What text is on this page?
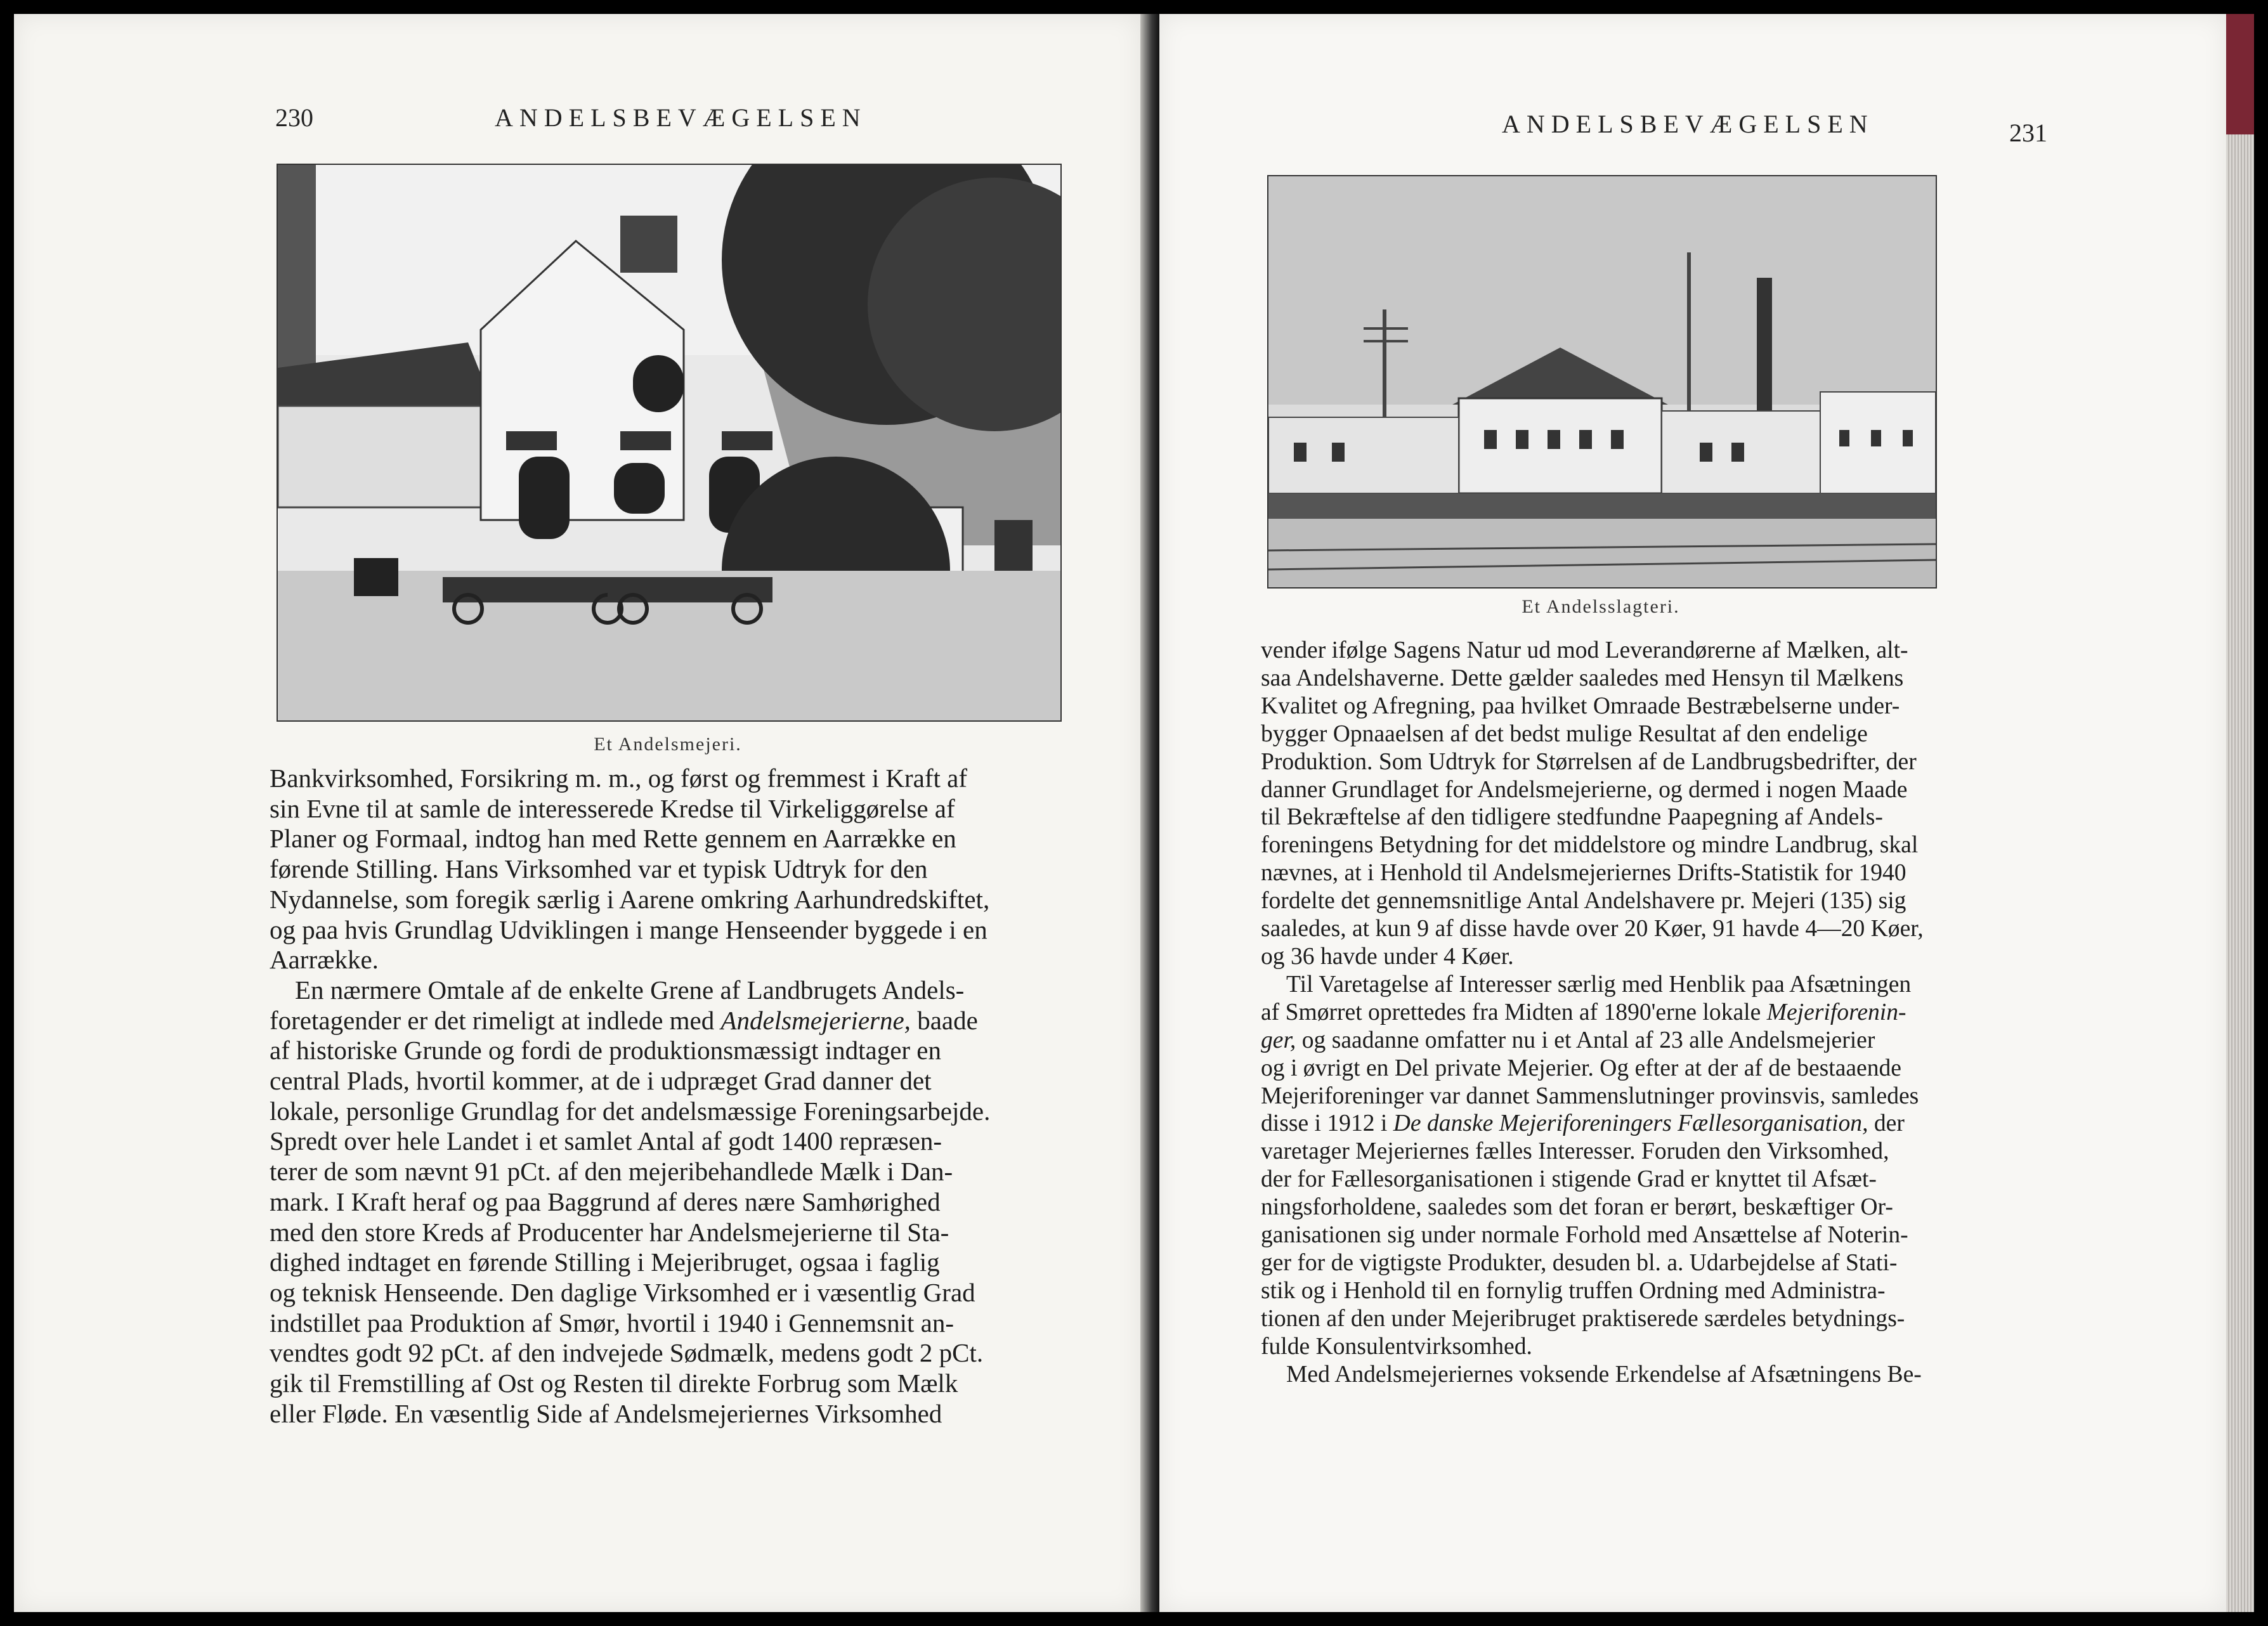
230	ANDELSBEVÆGELSEN
Et Andelsmejeri.

Bankvirksomhed, Forsikring m. m., og først og fremmest i Kraft af

sin Evne til at samle de interesserede Kredse til Virkeliggørelse af

Planer og Formaal, indtog han med Rette gennem en Aarrække en

førende Stilling. Hans Virksomhed var et typisk Udtryk for den

Nydannelse, som foregik særlig i Aarene omkring Aarhundredskiftet,

og paa hvis Grundlag Udviklingen i mange Henseender byggede i en

Aarrække.

En nærmere Omtale af de enkelte Grene af Landbrugets Andels-

foretagender er det rimeligt at indlede med Andelsmejerierne, baade

af historiske Grunde og fordi de produktionsmæssigt indtager en

central Plads, hvortil kommer, at de i udpræget Grad danner det

lokale, personlige Grundlag for det andelsmæssige Foreningsarbejde.

Spredt over hele Landet i et samlet Antal af godt 1400 repræsen-

terer de som nævnt 91 pCt. af den mejeribehandlede Mælk i Dan-

mark. I Kraft heraf og paa Baggrund af deres nære Samhørighed

med den store Kreds af Producenter har Andelsmejerierne til Sta-

dighed indtaget en førende Stilling i Mejeribruget, ogsaa i faglig

og teknisk Henseende. Den daglige Virksomhed er i væsentlig Grad

indstillet paa Produktion af Smør, hvortil i 1940 i Gennemsnit an-

vendtes godt 92 pCt. af den indvejede Sødmælk, medens godt 2 pCt.

gik til Fremstilling af Ost og Resten til direkte Forbrug som Mælk

eller Fløde. En væsentlig Side af Andelsmejeriernes Virksomhed

ANDELSBEVÆGELSEN	231
Et Andelsslagteri.

vender ifølge Sagens Natur ud mod Leverandørerne af Mælken, alt-

saa Andelshaverne. Dette gælder saaledes med Hensyn til Mælkens

Kvalitet og Afregning, paa hvilket Omraade Bestræbelserne under-

bygger Opnaaelsen af det bedst mulige Resultat af den endelige

Produktion. Som Udtryk for Størrelsen af de Landbrugsbedrifter, der

danner Grundlaget for Andelsmejerierne, og dermed i nogen Maade

til Bekræftelse af den tidligere stedfundne Paapegning af Andels-

foreningens Betydning for det middelstore og mindre Landbrug, skal

nævnes, at i Henhold til Andelsmejeriernes Drifts-Statistik for 1940

fordelte det gennemsnitlige Antal Andelshavere pr. Mejeri (135) sig

saaledes, at kun 9 af disse havde over 20 Køer, 91 havde 4—20 Køer,

og 36 havde under 4 Køer.

Til Varetagelse af Interesser særlig med Henblik paa Afsætningen

af Smørret oprettedes fra Midten af 1890'erne lokale Mejeriforenin-

ger, og saadanne omfatter nu i et Antal af 23 alle Andelsmejerier

og i øvrigt en Del private Mejerier. Og efter at der af de bestaaende

Mejeriforeninger var dannet Sammenslutninger provinsvis, samledes

disse i 1912 i De danske Mejeriforeningers Fællesorganisation, der

varetager Mejeriernes fælles Interesser. Foruden den Virksomhed,

der for Fællesorganisationen i stigende Grad er knyttet til Afsæt-

ningsforholdene, saaledes som det foran er berørt, beskæftiger Or-

ganisationen sig under normale Forhold med Ansættelse af Noterin-

ger for de vigtigste Produkter, desuden bl. a. Udarbejdelse af Stati-

stik og i Henhold til en fornylig truffen Ordning med Administra-

tionen af den under Mejeribruget praktiserede særdeles betydnings-

fulde Konsulentvirksomhed.

Med Andelsmejeriernes voksende Erkendelse af Afsætningens Be-
